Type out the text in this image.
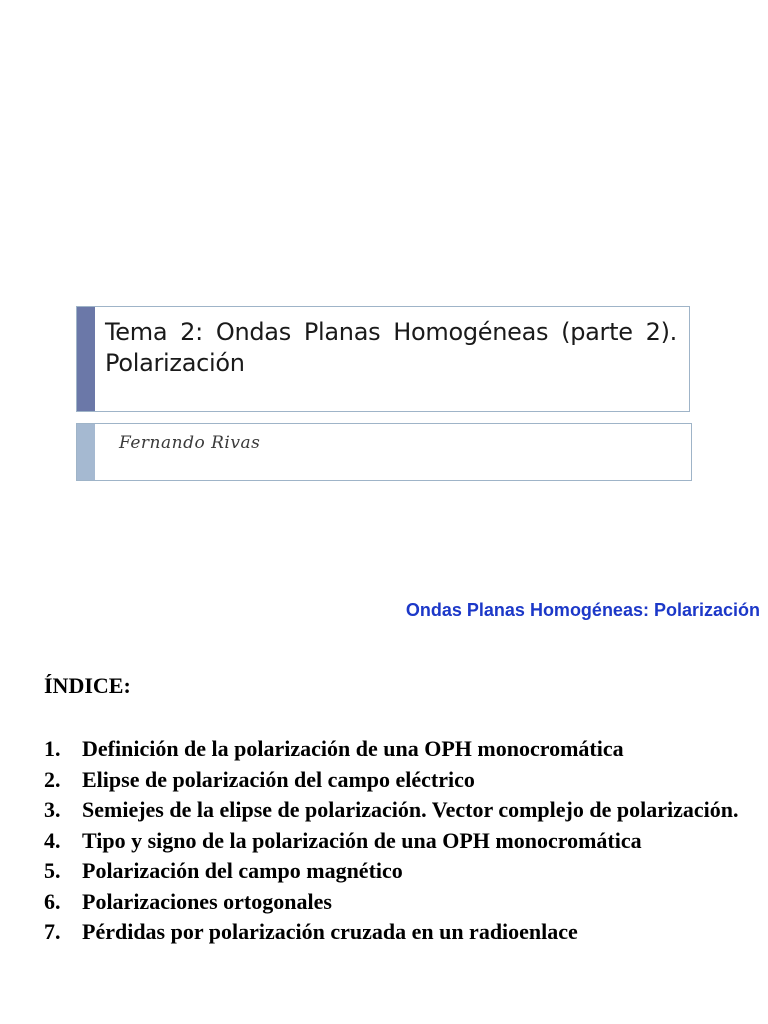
Tema 2: Ondas Planas Homogéneas (parte 2). Polarización
Fernando Rivas
Ondas Planas Homogéneas: Polarización
ÍNDICE:
1. Definición de la polarización de una OPH monocromática
2. Elipse de polarización del campo eléctrico
3. Semiejes de la elipse de polarización. Vector complejo de polarización.
4. Tipo y signo de la polarización de una OPH monocromática
5. Polarización del campo magnético
6. Polarizaciones ortogonales
7. Pérdidas por polarización cruzada en un radioenlace
